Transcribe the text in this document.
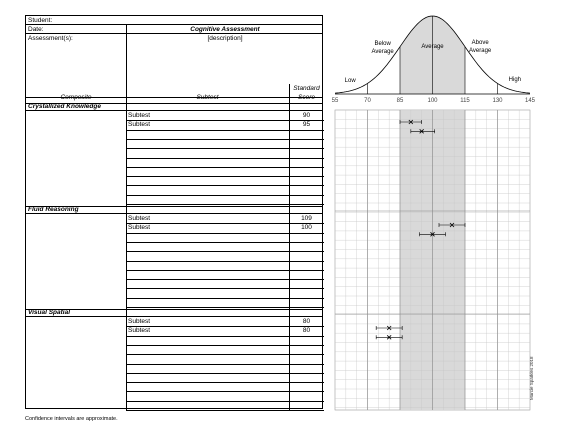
Student:
Date:	Cognitive Assessment
Assessment(s):	[description]
Composite	Subtest
Standard
Score
Crystallized Knowledge
Subtest	90
Subtest	95
Fluid Reasoning
Subtest	109
Subtest	100
Visual Spatial
Subtest	80
Subtest	80
Confidence intervals are approximate.
55	70	85	100	115	130	145
Low
Below
Average
Average
Above
Average
High
Marcie Sparkles 2018
